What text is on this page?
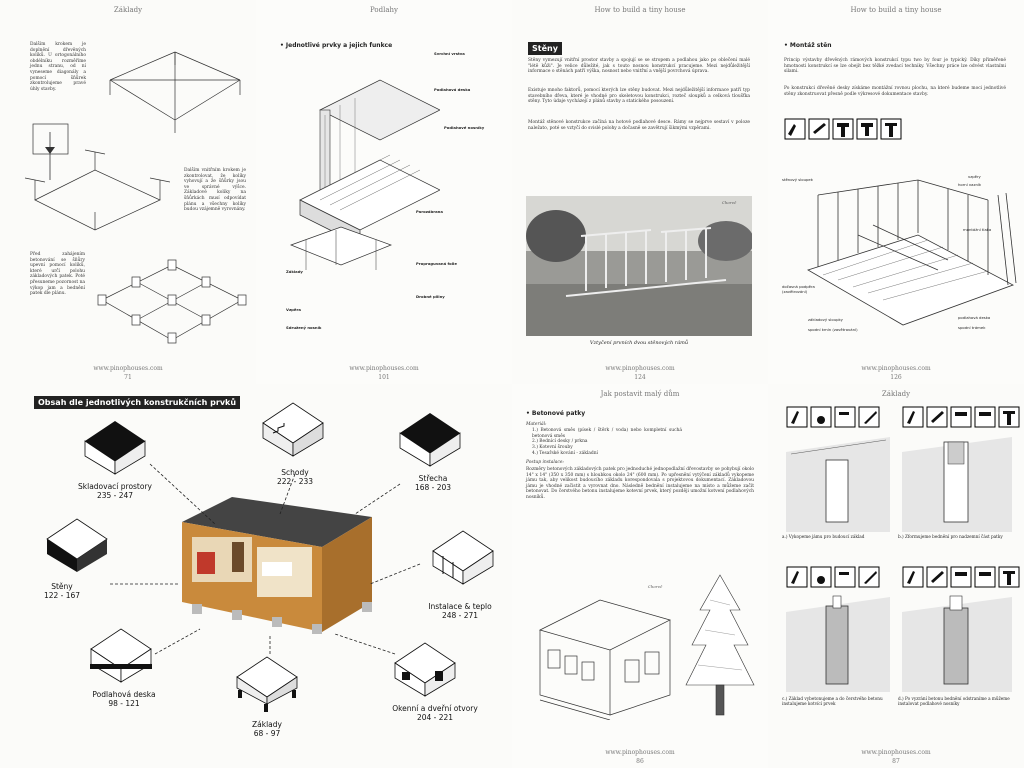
Základy
Dalším krokem je doplnění dřevěných kolíků. U ortogonálního obdélníku rozměříme jednu stranu, od ní vyneseme diagonály a pomocí šňůrek zkontrolujeme pravé úhly stavby.
Dalším vnitřním krokem je zkontrolovat, že kolíky vyhovují a že šňůrky jsou ve správné výšce. Základové kolíky na šňůrkách musí odpovídat plánu a všechny kolíky budou vzájemně vyrovnány.
Před zahájením betonování se šňůry upevní pomocí kolíků, které určí polohu základových patek. Poté přesuneme pozornost na výkop jam a bednění patek dle plánu.
www.pinophouses.com
71
Podlahy
• Jednotlivé prvky a jejich funkce
Svrchní vrstva
Podlahová deska
Podlahové nosníky
Parozábrana
Propraguvaná folie
Drobné piliny
Základy
Vzpěra
Sdružený nosník
www.pinophouses.com
101
How to build a tiny house
Stěny
Stěny vymezují vnitřní prostor stavby a spojují se se stropem a podlahou jako po oblečení malé "létě kůži". Je velice důležité, jak s touto nosnou konstrukcí pracujeme. Mezi nejdůležitější informace o stěnách patří výška, nosnost nebo vnitřní a vnější povrchová úprava.
Existuje mnoho faktorů, pomocí kterých lze stěny budovat. Mezi nejdůležitější informace patří typ stavebního dřeva, které je vhodné pro skeletovou konstrukci, rozteč sloupků a celková tloušťka stěny. Tyto údaje vycházejí z plánů stavby a statického posouzení.
Montáž stěnové konstrukce začíná na hotové podlahové desce. Rámy se nejprve sestaví v poloze naležato, poté se vztyčí do svislé polohy a dočasně se zavětrují šikmými vzpěrami.
Chorvč
Vztyčení prvních dvou stěnových rámů
www.pinophouses.com
124
How to build a tiny house
• Montáž stěn
Princip výstavby dřevěných rámových konstrukcí typu two by four je typický. Díky přiměřené hmotnosti konstrukcí se lze obejít bez těžké zvedací techniky. Všechny práce lze odvést vlastními silami.
Po konstrukci dřevěné desky získáme montážní rovnou plochu, na které budeme moci jednotlivé stěny zkonstruovat přesně podle výkresové dokumentace stavby.
stěnový sloupek
horní vazník
vzpěry
montážní tlaka
dočasná podpěra (zavětrování)
základový sloupky	podlahová deska
spodní trámek
spodní kmín (zavětrování)
www.pinophouses.com
126
Obsah dle jednotlivých konstrukčních prvků
Schody
222 - 233
Skladovací prostory
235 - 247
Střecha
168 - 203
Stěny
122 - 167
Instalace & teplo
248 - 271
Podlahová deska
98 - 121
Základy
68 - 97
Okenní a dveřní otvory
204 - 221
Jak postavit malý dům
• Betonové patky
Materiál:
1.) Betonová směs (písek / štěrk / voda) nebo kompletní suchá betonová směs
2.) Bednící desky / prkna
3.) Kotevní šrouby
4.) Tesařské kování - základní
Postup instalace:
Rozměry betonových základových patek pro jednoduché jednopodlažní dřevostavby se pohybují okolo 14" x 14" (350 x 350 mm) s hloubkou okolo 24" (600 mm). Po upřesnění vytýčení základů vykopeme jámu tak, aby velikost budoucího základu korespondovala s projektovou dokumentací. Základovou jámu je vhodné začistit a vyrovnat dno. Následně bednění instalujeme na místo a můžeme začít betonovat. Do čerstvého betonu instalujeme kotevní prvek, který později umožní kotvení podlahových nosníků.
Chorvč
www.pinophouses.com
86
Základy
a.) Vykopeme jámu pro budoucí základ	b.) Zformujeme bednění pro nadzemní část patky
c.) Základ vybetonujeme a do čerstvého betonu instalujeme kotvící prvek
d.) Po vyzrání betonu bednění odstraníme a můžeme instalovat podlahové nosníky
www.pinophouses.com
87
